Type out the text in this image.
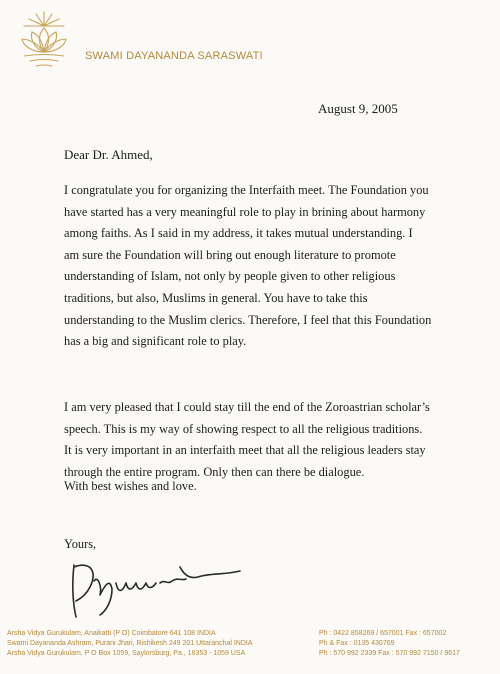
SWAMI DAYANANDA SARASWATI
August 9, 2005
Dear Dr. Ahmed,
I congratulate you for organizing the Interfaith meet. The Foundation you
have started has a very meaningful role to play in brining about harmony
among faiths. As I said in my address, it takes mutual understanding. I
am sure the Foundation will bring out enough literature to promote
understanding of Islam, not only by people given to other religious
traditions, but also, Muslims in general. You have to take this
understanding to the Muslim clerics. Therefore, I feel that this Foundation
has a big and significant role to play.
I am very pleased that I could stay till the end of the Zoroastrian scholar’s
speech. This is my way of showing respect to all the religious traditions.
It is very important in an interfaith meet that all the religious leaders stay
through the entire program. Only then can there be dialogue.
With best wishes and love.
Yours,
Arsha Vidya Gurukulam, Anaikatti (P O) Coimbatore 641 108 INDIA
Swami Dayananda Ashram, Purani Jhari, Rishikesh 249 201 Uttaranchal INDIA
Arsha Vidya Gurukulam, P O Box 1059, Saylorsburg, Pa., 18353 - 1059 USA
Ph : 0422 858269 / 657001 Fax : 657002
Ph & Fax : 0135 430769
Ph : 570 992 2339 Fax : 570 992 7150 / 9617
